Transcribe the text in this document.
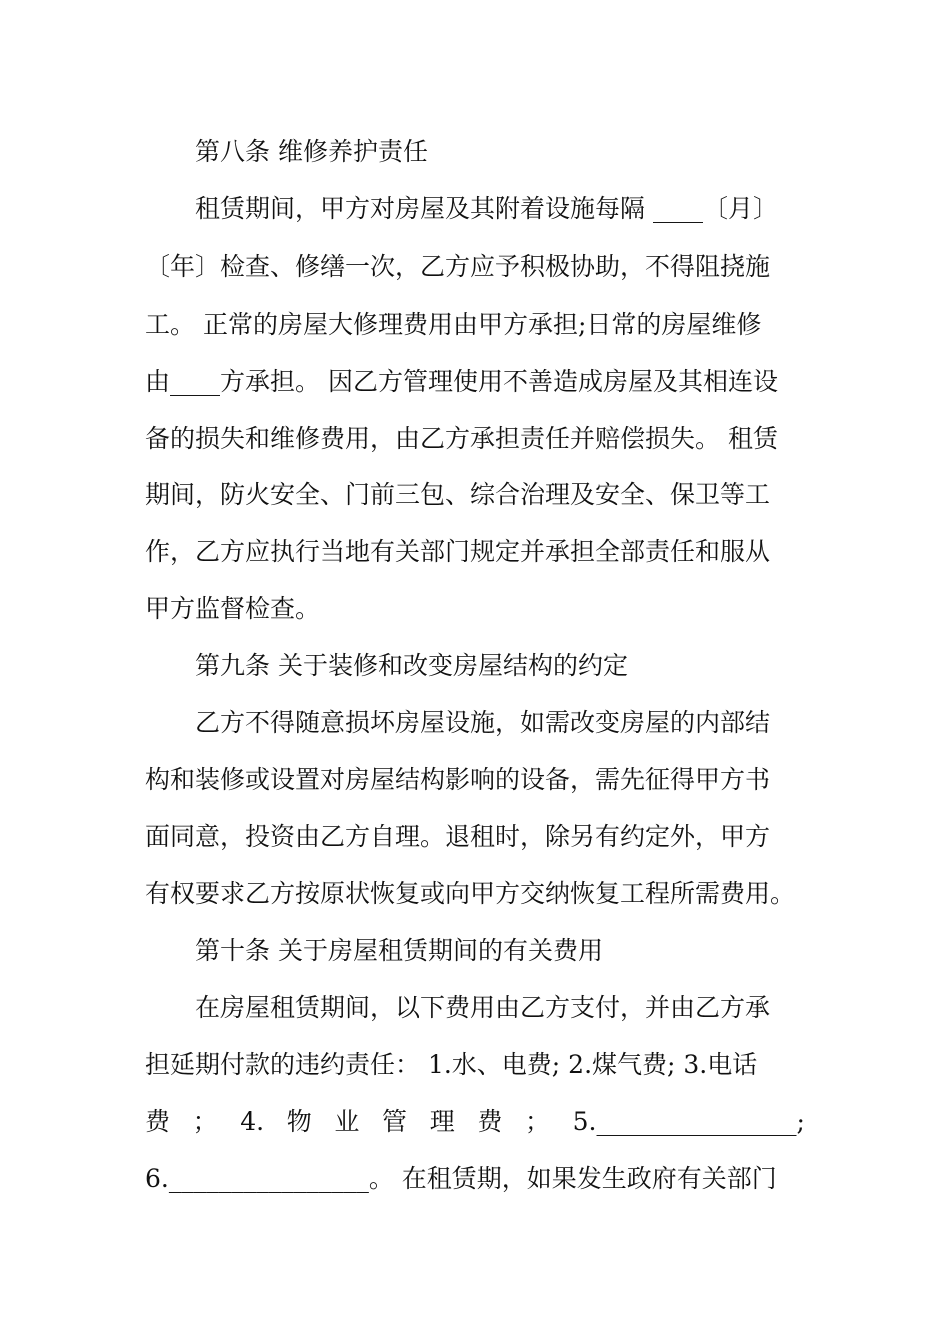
第八条 维修养护责任
租赁期间，甲方对房屋及其附着设施每隔 ____〔月〕
〔年〕检查、修缮一次，乙方应予积极协助，不得阻挠施
工。 正常的房屋大修理费用由甲方承担;日常的房屋维修
由____方承担。 因乙方管理使用不善造成房屋及其相连设
备的损失和维修费用，由乙方承担责任并赔偿损失。 租赁
期间，防火安全、门前三包、综合治理及安全、保卫等工
作，乙方应执行当地有关部门规定并承担全部责任和服从
甲方监督检查。
第九条 关于装修和改变房屋结构的约定
乙方不得随意损坏房屋设施，如需改变房屋的内部结
构和装修或设置对房屋结构影响的设备，需先征得甲方书
面同意，投资由乙方自理。退租时，除另有约定外，甲方
有权要求乙方按原状恢复或向甲方交纳恢复工程所需费用。
第十条 关于房屋租赁期间的有关费用
在房屋租赁期间，以下费用由乙方支付，并由乙方承
担延期付款的违约责任： 1.水、电费; 2.煤气费; 3.电话
费 ； 4. 物 业 管 理 费 ； 5.________________;
6.________________。 在租赁期，如果发生政府有关部门
